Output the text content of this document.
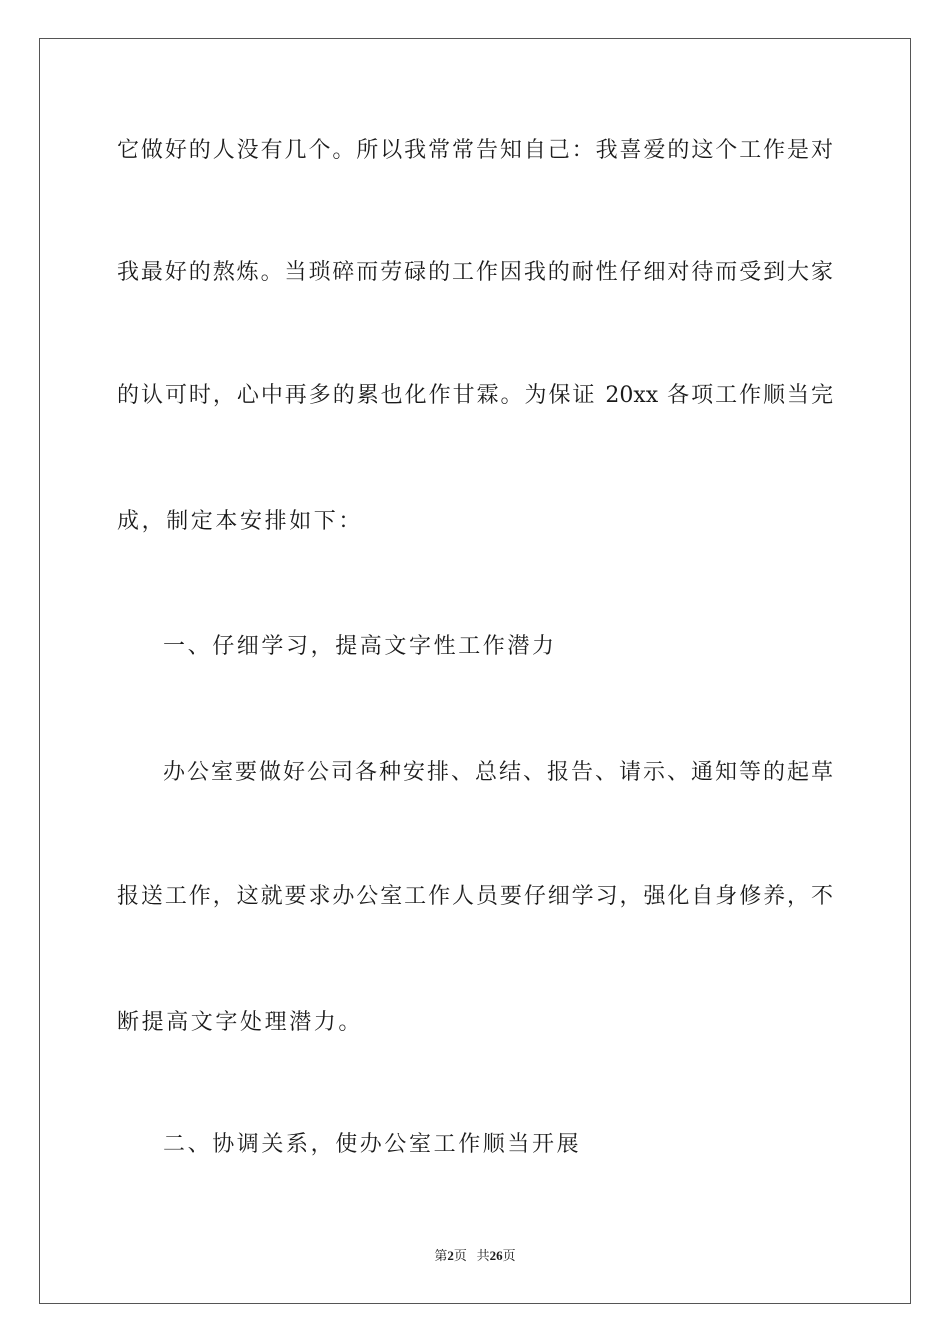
它做好的人没有几个。所以我常常告知自己：我喜爱的这个工作是对

我最好的熬炼。当琐碎而劳碌的工作因我的耐性仔细对待而受到大家

的认可时，心中再多的累也化作甘霖。为保证 20xx 各项工作顺当完

成，制定本安排如下：

一、仔细学习，提高文字性工作潜力

办公室要做好公司各种安排、总结、报告、请示、通知等的起草

报送工作，这就要求办公室工作人员要仔细学习，强化自身修养，不

断提高文字处理潜力。

二、协调关系，使办公室工作顺当开展

第2页 共26页
